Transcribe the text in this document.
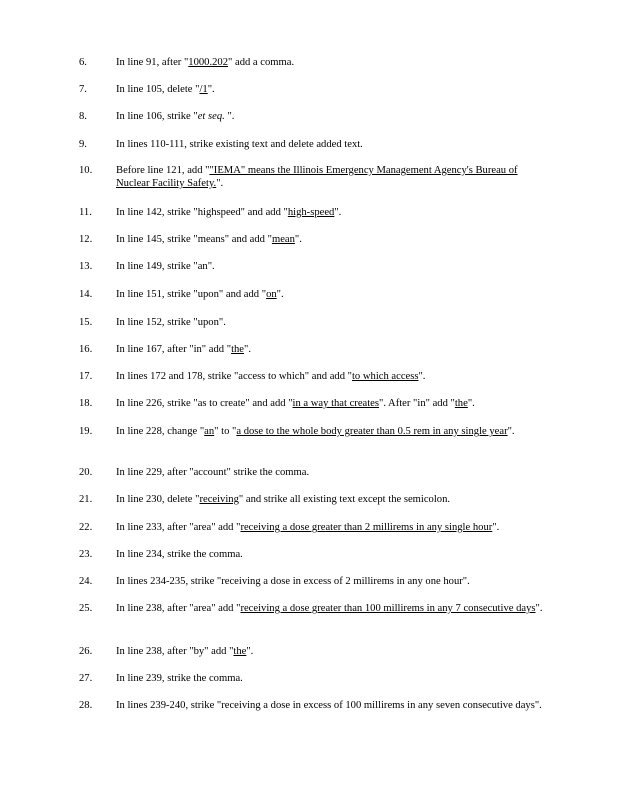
6.	In line 91, after "1000.202" add a comma.
7.	In line 105, delete "/1".
8.	In line 106, strike "et seq. ".
9.	In lines 110-111, strike existing text and delete added text.
10. Before line 121, add ""IEMA" means the Illinois Emergency Management Agency's Bureau of Nuclear Facility Safety.".
11. In line 142, strike "highspeed" and add "high-speed".
12. In line 145, strike "means" and add "mean".
13. In line 149, strike "an".
14. In line 151, strike "upon" and add "on".
15. In line 152, strike "upon".
16. In line 167, after "in" add "the".
17. In lines 172 and 178, strike "access to which" and add "to which access".
18. In line 226, strike "as to create" and add "in a way that creates". After "in" add "the".
19. In line 228, change "an" to "a dose to the whole body greater than 0.5 rem in any single year".
20. In line 229, after "account" strike the comma.
21. In line 230, delete "receiving" and strike all existing text except the semicolon.
22. In line 233, after "area" add "receiving a dose greater than 2 millirems in any single hour".
23. In line 234, strike the comma.
24. In lines 234-235, strike "receiving a dose in excess of 2 millirems in any one hour".
25. In line 238, after "area" add "receiving a dose greater than 100 millirems in any 7 consecutive days".
26. In line 238, after "by" add "the".
27. In line 239, strike the comma.
28. In lines 239-240, strike "receiving a dose in excess of 100 millirems in any seven consecutive days".
